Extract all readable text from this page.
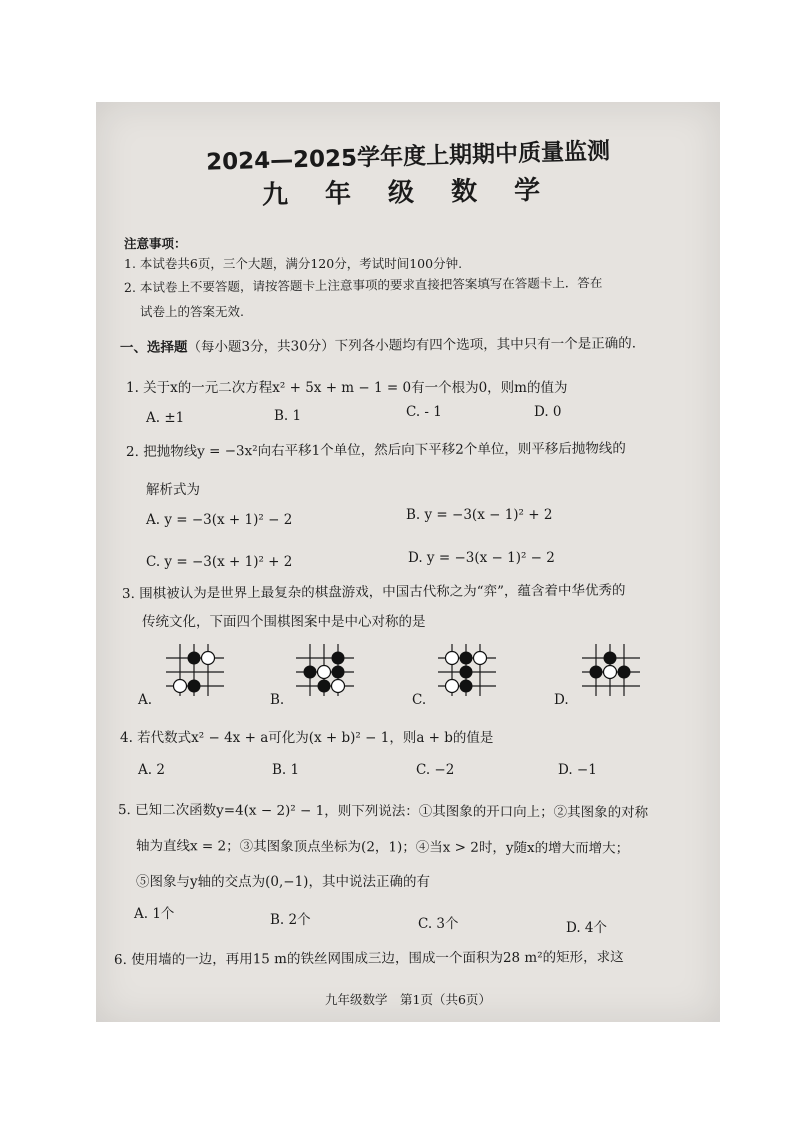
2024—2025学年度上期期中质量监测
九 年 级 数 学
注意事项：
1. 本试卷共6页，三个大题，满分120分，考试时间100分钟.
2. 本试卷上不要答题，请按答题卡上注意事项的要求直接把答案填写在答题卡上．答在
试卷上的答案无效.
一、选择题（每小题3分，共30分）下列各小题均有四个选项，其中只有一个是正确的.
1. 关于x的一元二次方程x² + 5x + m − 1 = 0有一个根为0，则m的值为
A. ±1	B. 1	C. - 1	D. 0
2. 把抛物线y = −3x²向右平移1个单位，然后向下平移2个单位，则平移后抛物线的
解析式为
A. y = −3(x + 1)² − 2	B. y = −3(x − 1)² + 2
C. y = −3(x + 1)² + 2	D. y = −3(x − 1)² − 2
3. 围棋被认为是世界上最复杂的棋盘游戏，中国古代称之为“弈”，蕴含着中华优秀的
传统文化，下面四个围棋图案中是中心对称的是
A.	B.	C.	D.
4. 若代数式x² − 4x + a可化为(x + b)² − 1，则a + b的值是
A. 2	B. 1	C. −2	D. −1
5. 已知二次函数y=4(x − 2)² − 1，则下列说法：①其图象的开口向上；②其图象的对称
轴为直线x = 2；③其图象顶点坐标为(2，1)；④当x > 2时，y随x的增大而增大；
⑤图象与y轴的交点为(0,−1)，其中说法正确的有
A. 1个	B. 2个	C. 3个	D. 4个
6. 使用墙的一边，再用15 m的铁丝网围成三边，围成一个面积为28 m²的矩形，求这
九年级数学　第1页（共6页）
